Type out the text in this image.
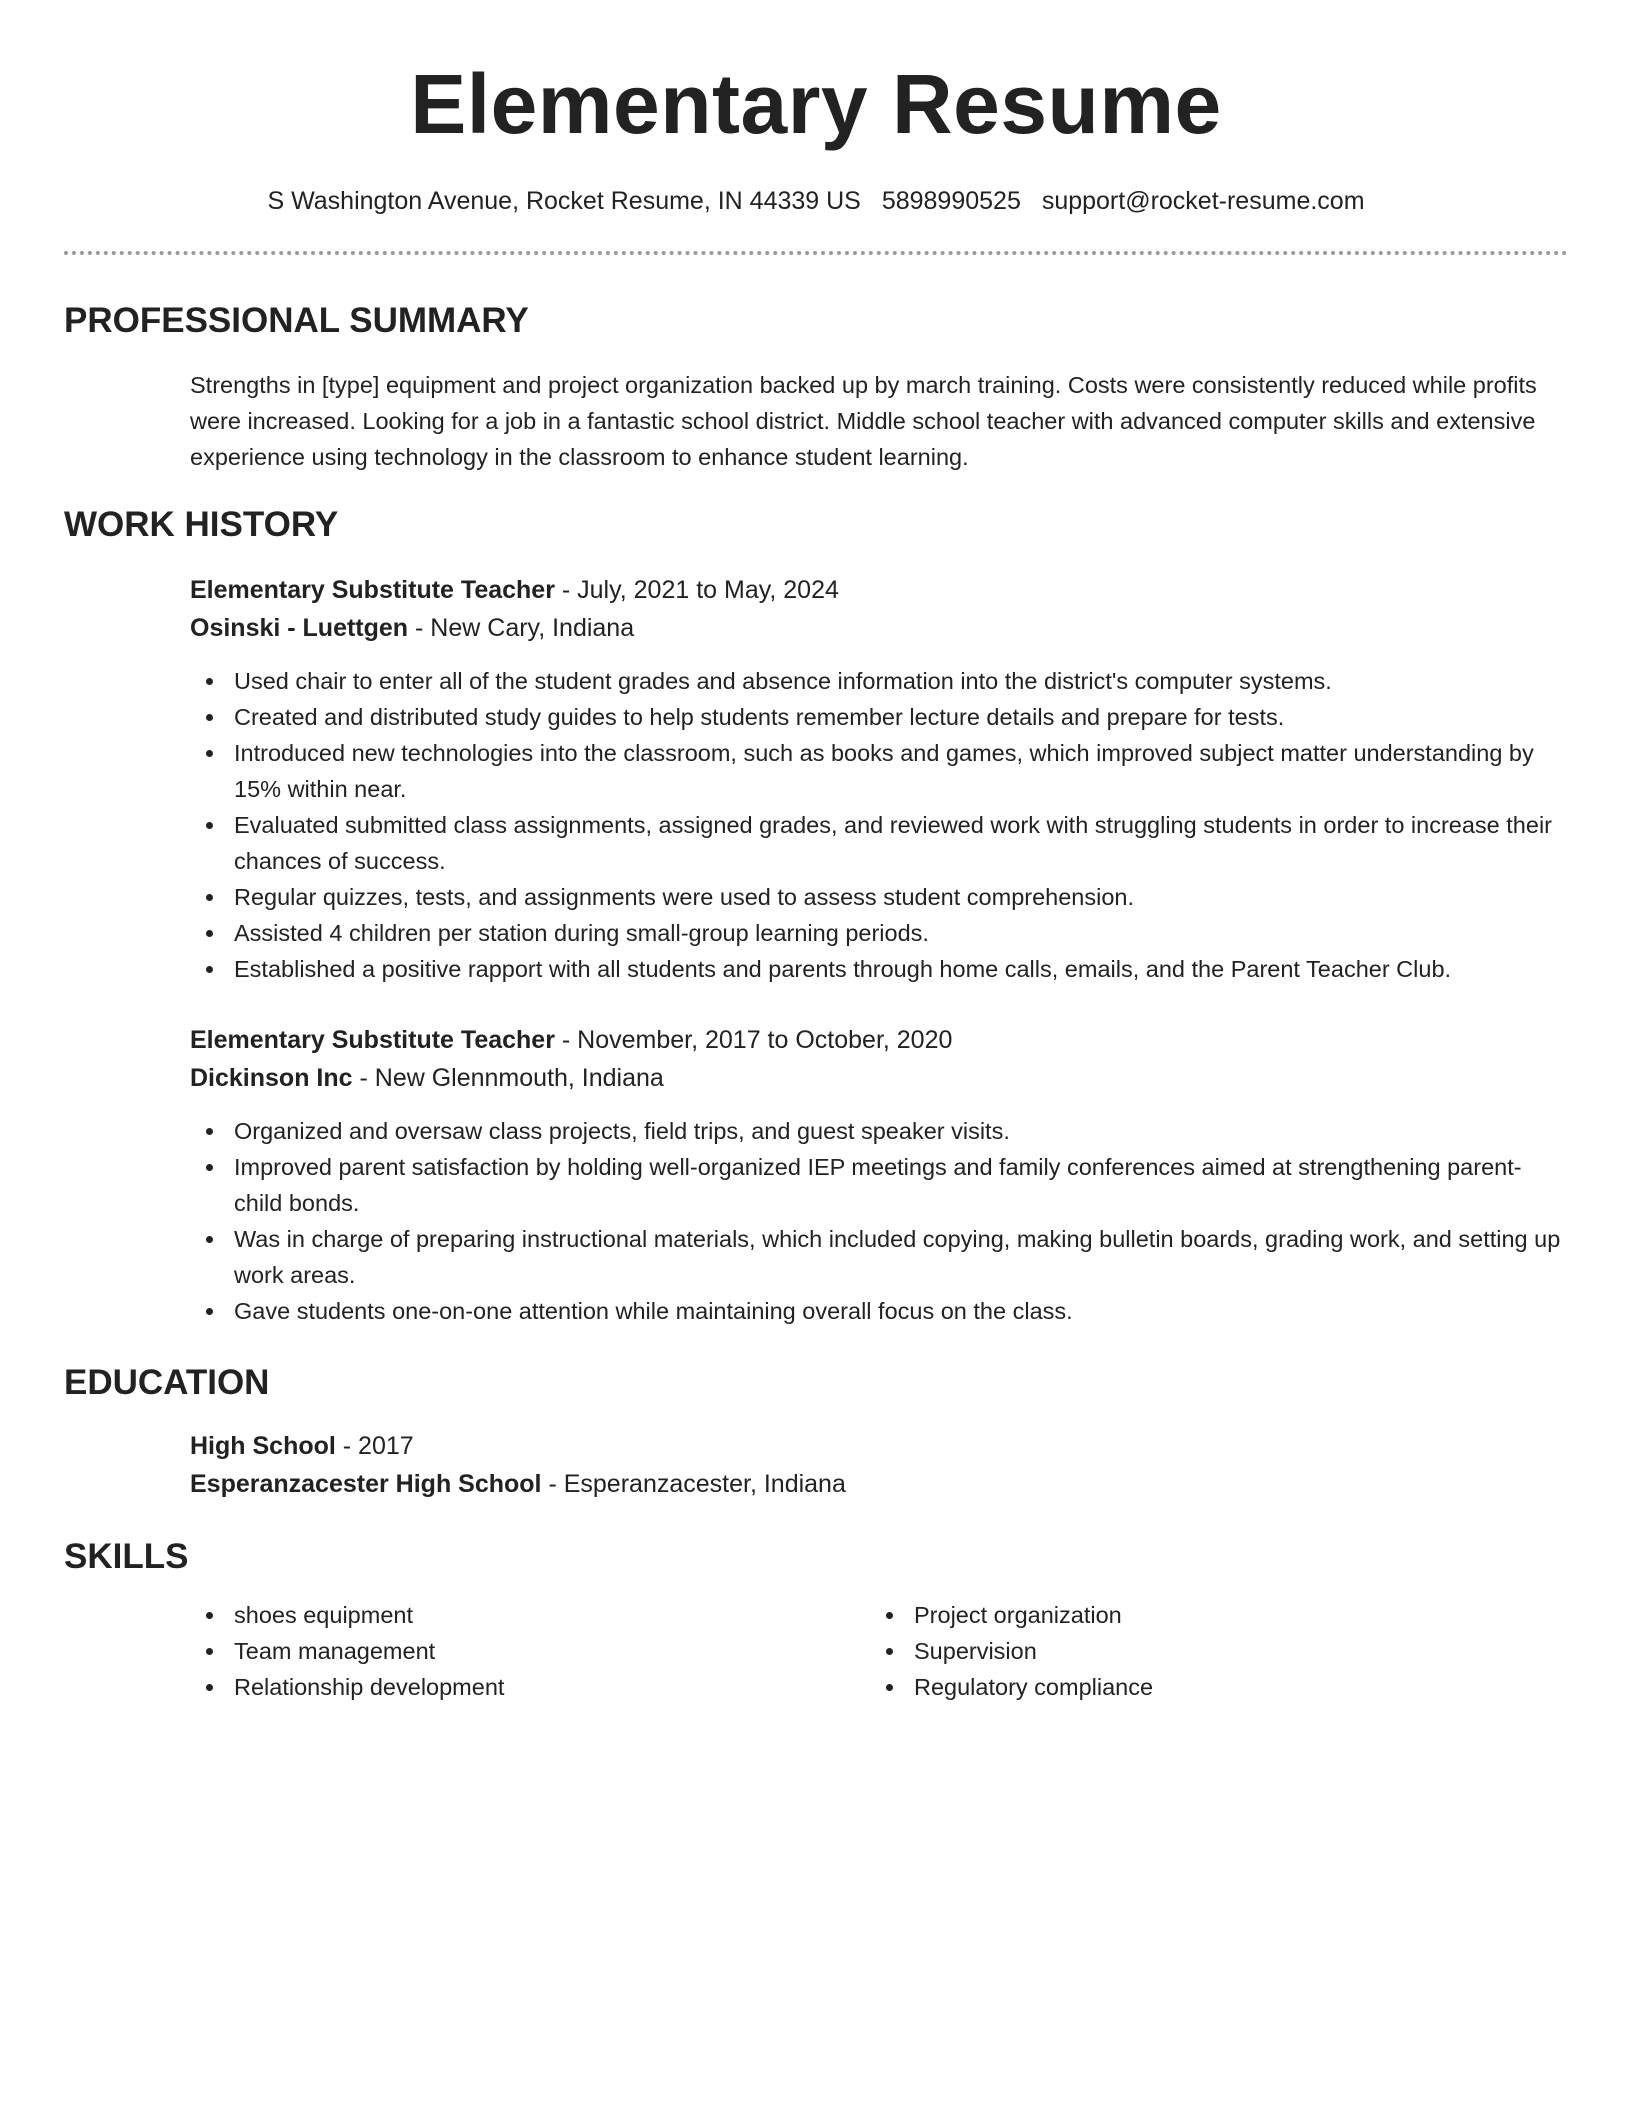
Elementary Resume
S Washington Avenue, Rocket Resume, IN 44339 US 5898990525 support@rocket-resume.com
PROFESSIONAL SUMMARY

Strengths in [type] equipment and project organization backed up by march training. Costs were consistently reduced while profits were increased. Looking for a job in a fantastic school district. Middle school teacher with advanced computer skills and extensive experience using technology in the classroom to enhance student learning.

WORK HISTORY
Elementary Substitute Teacher - July, 2021 to May, 2024
Osinski - Luettgen - New Cary, Indiana
Used chair to enter all of the student grades and absence information into the district's computer systems.
Created and distributed study guides to help students remember lecture details and prepare for tests.
Introduced new technologies into the classroom, such as books and games, which improved subject matter understanding by 15% within near.
Evaluated submitted class assignments, assigned grades, and reviewed work with struggling students in order to increase their chances of success.
Regular quizzes, tests, and assignments were used to assess student comprehension.
Assisted 4 children per station during small-group learning periods.
Established a positive rapport with all students and parents through home calls, emails, and the Parent Teacher Club.
Elementary Substitute Teacher - November, 2017 to October, 2020
Dickinson Inc - New Glennmouth, Indiana
Organized and oversaw class projects, field trips, and guest speaker visits.
Improved parent satisfaction by holding well-organized IEP meetings and family conferences aimed at strengthening parent-child bonds.
Was in charge of preparing instructional materials, which included copying, making bulletin boards, grading work, and setting up work areas.
Gave students one-on-one attention while maintaining overall focus on the class.
EDUCATION
High School - 2017
Esperanzacester High School - Esperanzacester, Indiana
SKILLS
shoes equipment
Team management
Relationship development
Project organization
Supervision
Regulatory compliance
